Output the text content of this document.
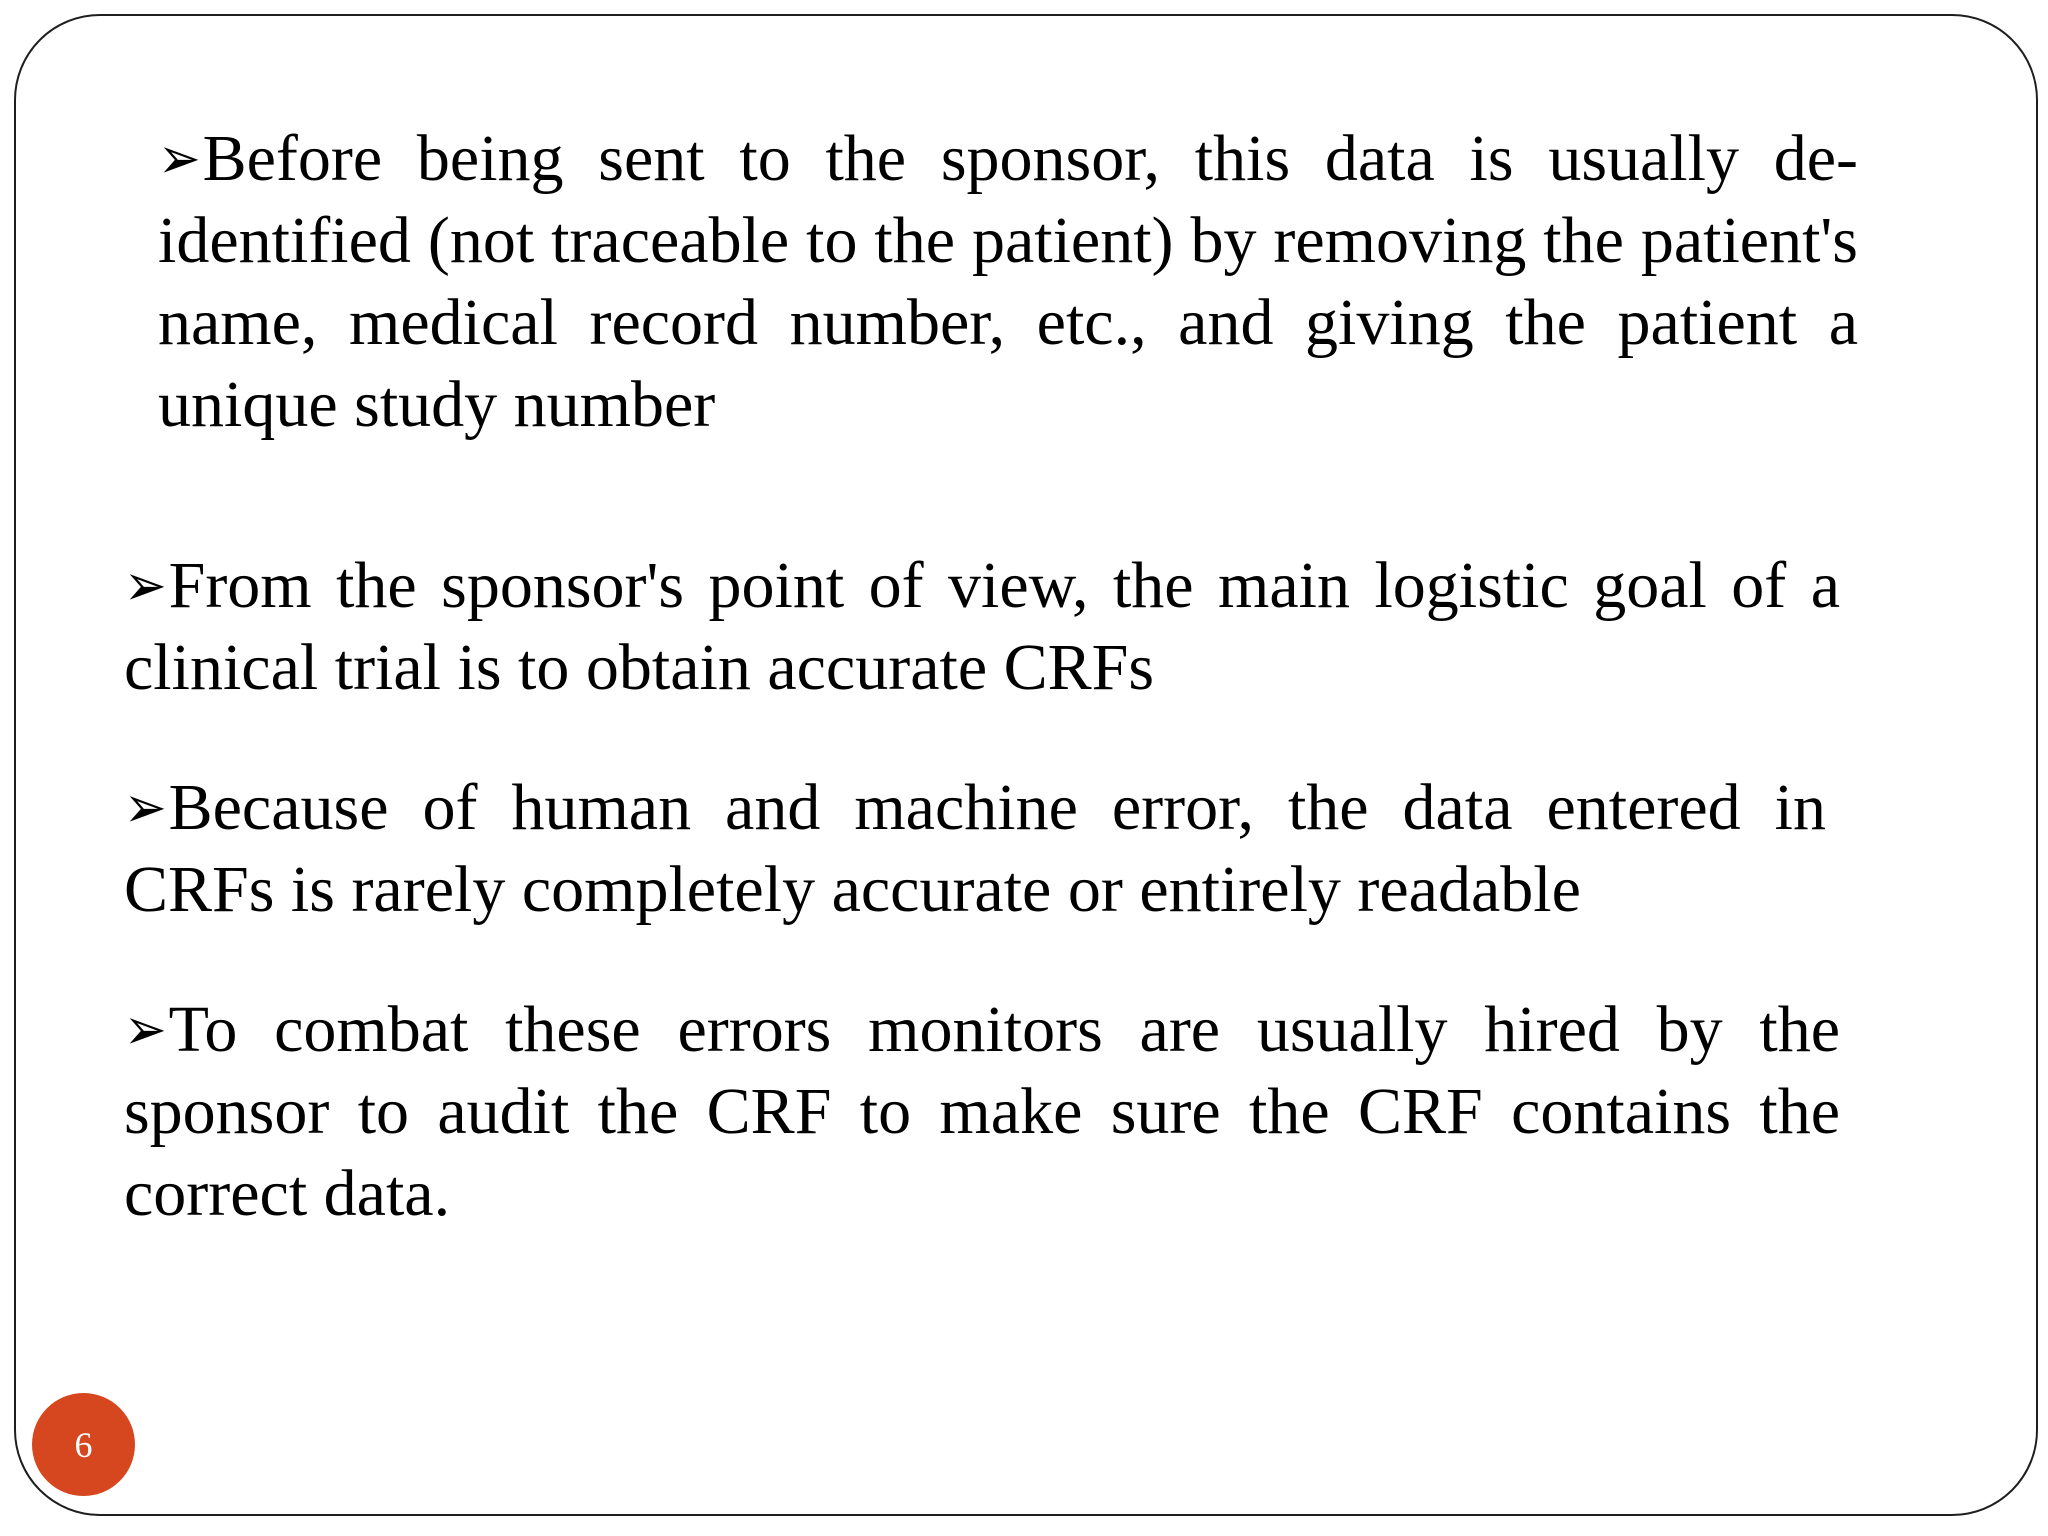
➢Before being sent to the sponsor, this data is usually de-identified (not traceable to the patient) by removing the patient's name, medical record number, etc., and giving the patient a unique study number

➢From the sponsor's point of view, the main logistic goal of a clinical trial is to obtain accurate CRFs

➢Because of human and machine error, the data entered in CRFs is rarely completely accurate or entirely readable

➢To combat these errors monitors are usually hired by the sponsor to audit the CRF to make sure the CRF contains the correct data.

6
